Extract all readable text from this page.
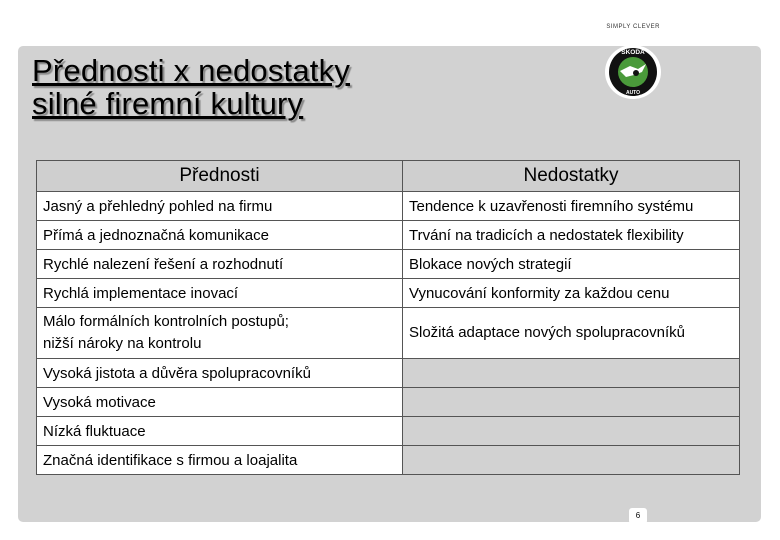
SIMPLY CLEVER
Přednosti x nedostatky
silné firemní kultury
ŠKODA
AUTO
Přednosti	Nedostatky
Jasný a přehledný pohled na firmu	Tendence k uzavřenosti firemního systému
Přímá a jednoznačná komunikace	Trvání na tradicích a nedostatek flexibility
Rychlé nalezení řešení a rozhodnutí	Blokace nových strategií
Rychlá implementace inovací	Vynucování konformity za každou cenu
Málo formálních kontrolních postupů;
nižší nároky na kontrolu	Složitá adaptace nových spolupracovníků
Vysoká jistota a důvěra spolupracovníků	
Vysoká motivace	
Nízká fluktuace	
Značná identifikace s firmou a loajalita	
6
